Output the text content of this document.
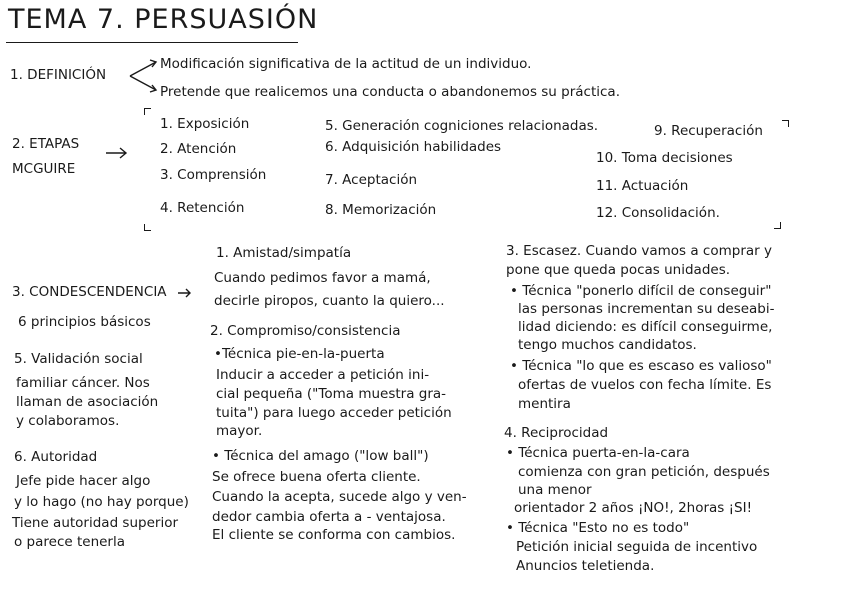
TEMA 7. PERSUASIÓN
1. DEFINICIÓN
Modificación significativa de la actitud de un individuo.
Pretende que realicemos una conducta o abandonemos su práctica.
2. ETAPAS
MCGUIRE
1. Exposición
2. Atención
3. Comprensión
4. Retención
5. Generación cogniciones relacionadas.
6. Adquisición habilidades
7. Aceptación
8. Memorización
9. Recuperación
10. Toma decisiones
11. Actuación
12. Consolidación.
3. CONDESCENDENCIA
6 principios básicos
5. Validación social
familiar cáncer. Nos
llaman de asociación
y colaboramos.
6. Autoridad
Jefe pide hacer algo
y lo hago (no hay porque)
Tiene autoridad superior
o parece tenerla
1. Amistad/simpatía
Cuando pedimos favor a mamá,
decirle piropos, cuanto la quiero...
2. Compromiso/consistencia
•Técnica pie-en-la-puerta
Inducir a acceder a petición ini-
cial pequeña ("Toma muestra gra-
tuita") para luego acceder petición
mayor.
• Técnica del amago ("low ball")
Se ofrece buena oferta cliente.
Cuando la acepta, sucede algo y ven-
dedor cambia oferta a - ventajosa.
El cliente se conforma con cambios.
3. Escasez. Cuando vamos a comprar y
pone que queda pocas unidades.
• Técnica "ponerlo difícil de conseguir"
las personas incrementan su deseabi-
lidad diciendo: es difícil conseguirme,
tengo muchos candidatos.
• Técnica "lo que es escaso es valioso"
ofertas de vuelos con fecha límite. Es
mentira
4. Reciprocidad
• Técnica puerta-en-la-cara
comienza con gran petición, después
una menor
orientador 2 años ¡NO!, 2horas ¡SI!
• Técnica "Esto no es todo"
Petición inicial seguida de incentivo
Anuncios teletienda.
